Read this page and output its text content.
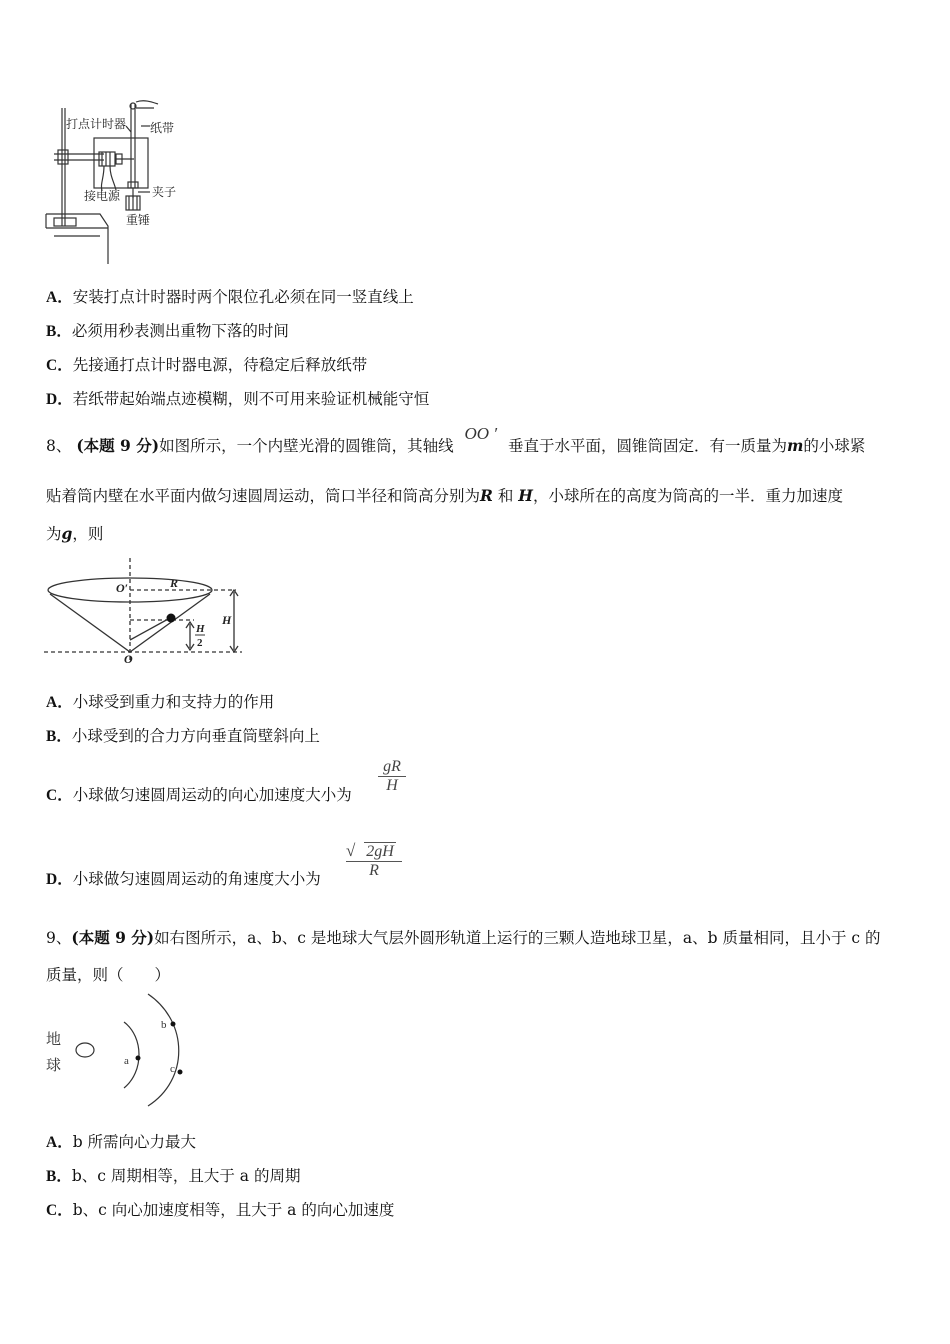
打点计时器 纸带
接电源	夹子
重锤
A．安装打点计时器时两个限位孔必须在同一竖直线上
B．必须用秒表测出重物下落的时间
C．先接通打点计时器电源，待稳定后释放纸带
D．若纸带起始端点迹模糊，则不可用来验证机械能守恒
8、 (本题 9 分)如图所示，一个内壁光滑的圆锥筒，其轴线 OO ′ 垂直于水平面，圆锥筒固定．有一质量为m的小球紧
贴着筒内壁在水平面内做匀速圆周运动，筒口半径和筒高分别为R 和 H，小球所在的高度为筒高的一半．重力加速度
为g，则
O′	R
H
H
2
O
A．小球受到重力和支持力的作用
B．小球受到的合力方向垂直筒壁斜向上
C．小球做匀速圆周运动的向心加速度大小为 $\frac{gR}{H}$
D．小球做匀速圆周运动的角速度大小为 $\frac{√ 2gH}{R}$
9、(本题 9 分)如右图所示，a、b、c 是地球大气层外圆形轨道上运行的三颗人造地球卫星，a、b 质量相同，且小于 c 的
质量，则（　　）
地
球	a
b
c
A．b 所需向心力最大
B．b、c 周期相等，且大于 a 的周期
C．b、c 向心加速度相等，且大于 a 的向心加速度
